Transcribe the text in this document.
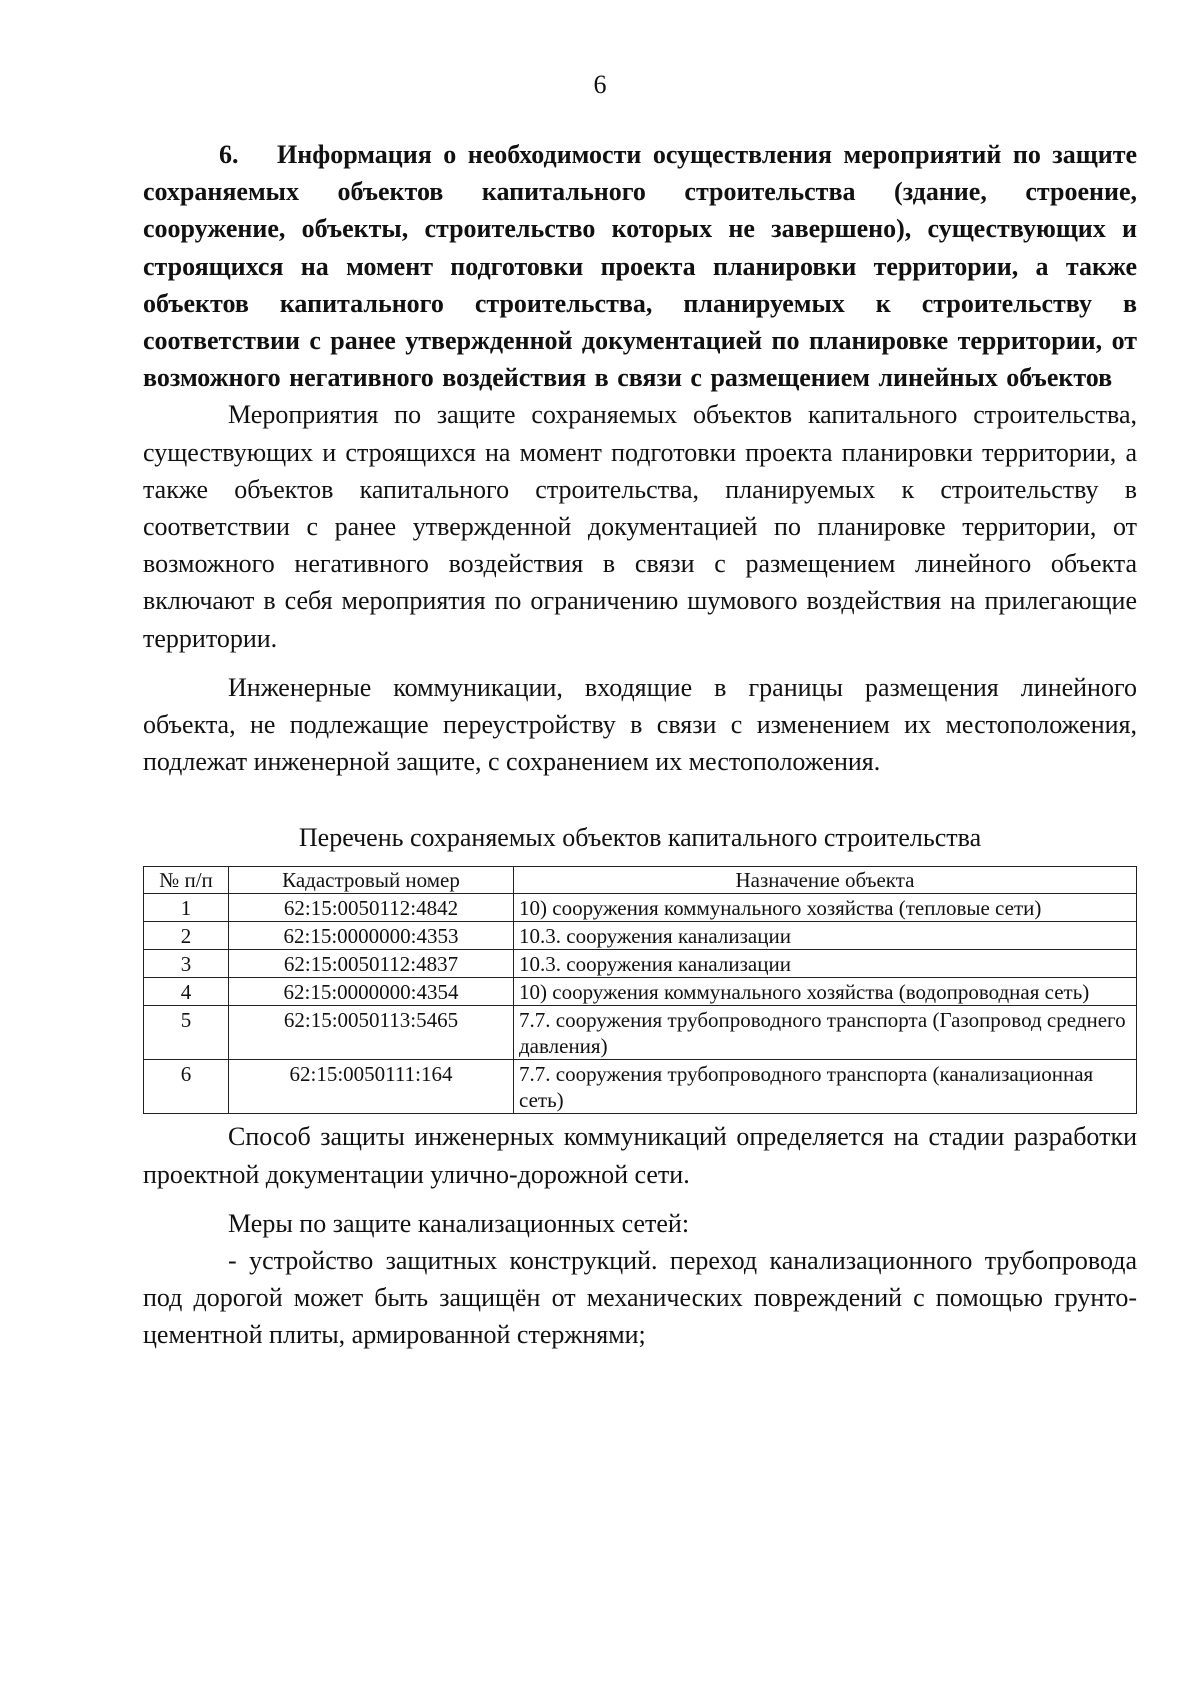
6

6. Информация о необходимости осуществления мероприятий по защите сохраняемых объектов капитального строительства (здание, строение, сооружение, объекты, строительство которых не завершено), существующих и строящихся на момент подготовки проекта планировки территории, а также объектов капитального строительства, планируемых к строительству в соответствии с ранее утвержденной документацией по планировке территории, от возможного негативного воздействия в связи с размещением линейных объектов

Мероприятия по защите сохраняемых объектов капитального строительства, существующих и строящихся на момент подготовки проекта планировки территории, а также объектов капитального строительства, планируемых к строительству в соответствии с ранее утвержденной документацией по планировке территории, от возможного негативного воздействия в связи с размещением линейного объекта включают в себя мероприятия по ограничению шумового воздействия на прилегающие территории.

Инженерные коммуникации, входящие в границы размещения линейного объекта, не подлежащие переустройству в связи с изменением их местоположения, подлежат инженерной защите, с сохранением их местоположения.

Перечень сохраняемых объектов капитального строительства

№ п/п	Кадастровый номер	Назначение объекта
1	62:15:0050112:4842	10) сооружения коммунального хозяйства (тепловые сети)
2	62:15:0000000:4353	10.3. сооружения канализации
3	62:15:0050112:4837	10.3. сооружения канализации
4	62:15:0000000:4354	10) сооружения коммунального хозяйства (водопроводная сеть)
5	62:15:0050113:5465	7.7. сооружения трубопроводного транспорта (Газопровод среднего давления)
6	62:15:0050111:164	7.7. сооружения трубопроводного транспорта (канализационная сеть)

Способ защиты инженерных коммуникаций определяется на стадии разработки проектной документации улично-дорожной сети.

Меры по защите канализационных сетей:

- устройство защитных конструкций. переход канализационного трубопровода под дорогой может быть защищён от механических повреждений с помощью грунто-цементной плиты, армированной стержнями;
